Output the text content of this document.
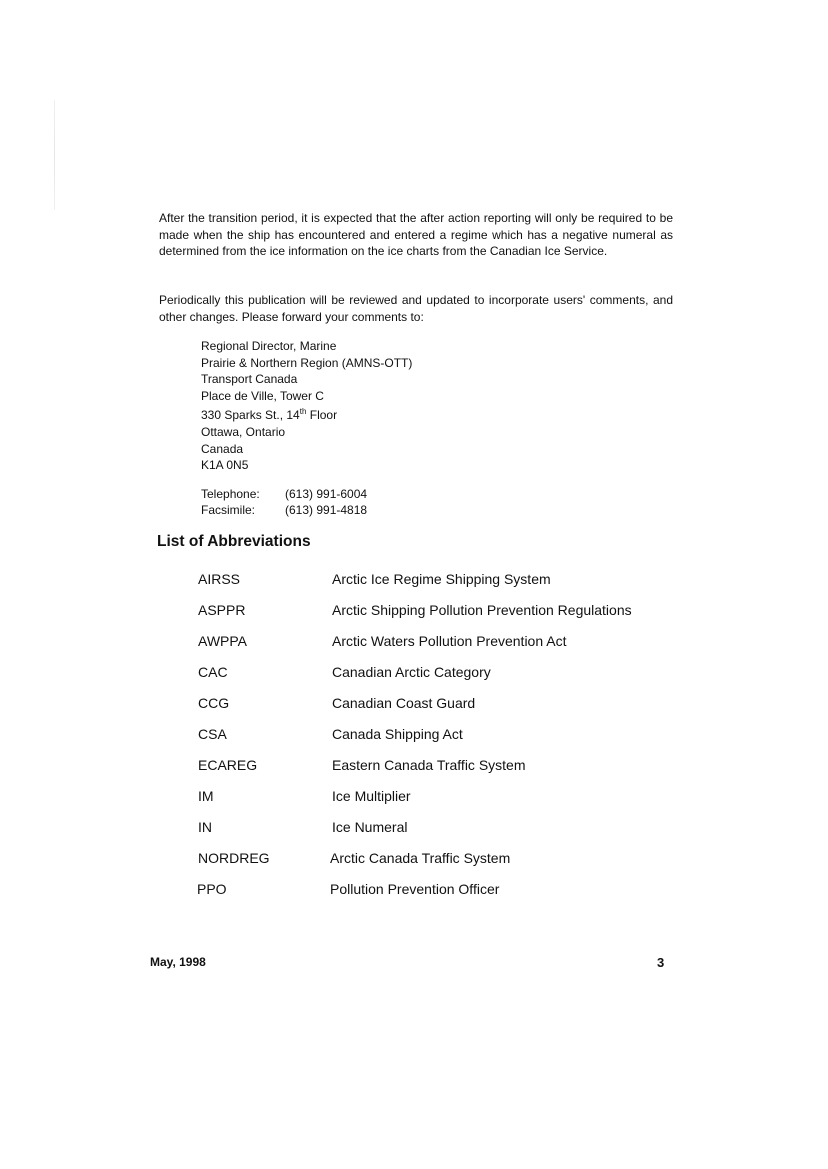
After the transition period, it is expected that the after action reporting will only be required to be made when the ship has encountered and entered a regime which has a negative numeral as determined from the ice information on the ice charts from the Canadian Ice Service.

Periodically this publication will be reviewed and updated to incorporate users' comments, and other changes. Please forward your comments to:

Regional Director, Marine
Prairie & Northern Region (AMNS-OTT)
Transport Canada
Place de Ville, Tower C
330 Sparks St., 14th Floor
Ottawa, Ontario
Canada
K1A 0N5
Telephone:	(613) 991-6004
Facsimile:	(613) 991-4818
List of Abbreviations
AIRSS	Arctic Ice Regime Shipping System
ASPPR	Arctic Shipping Pollution Prevention Regulations
AWPPA	Arctic Waters Pollution Prevention Act
CAC	Canadian Arctic Category
CCG	Canadian Coast Guard
CSA	Canada Shipping Act
ECAREG	Eastern Canada Traffic System
IM	Ice Multiplier
IN	Ice Numeral
NORDREG	Arctic Canada Traffic System
PPO	Pollution Prevention Officer
May, 1998	3
